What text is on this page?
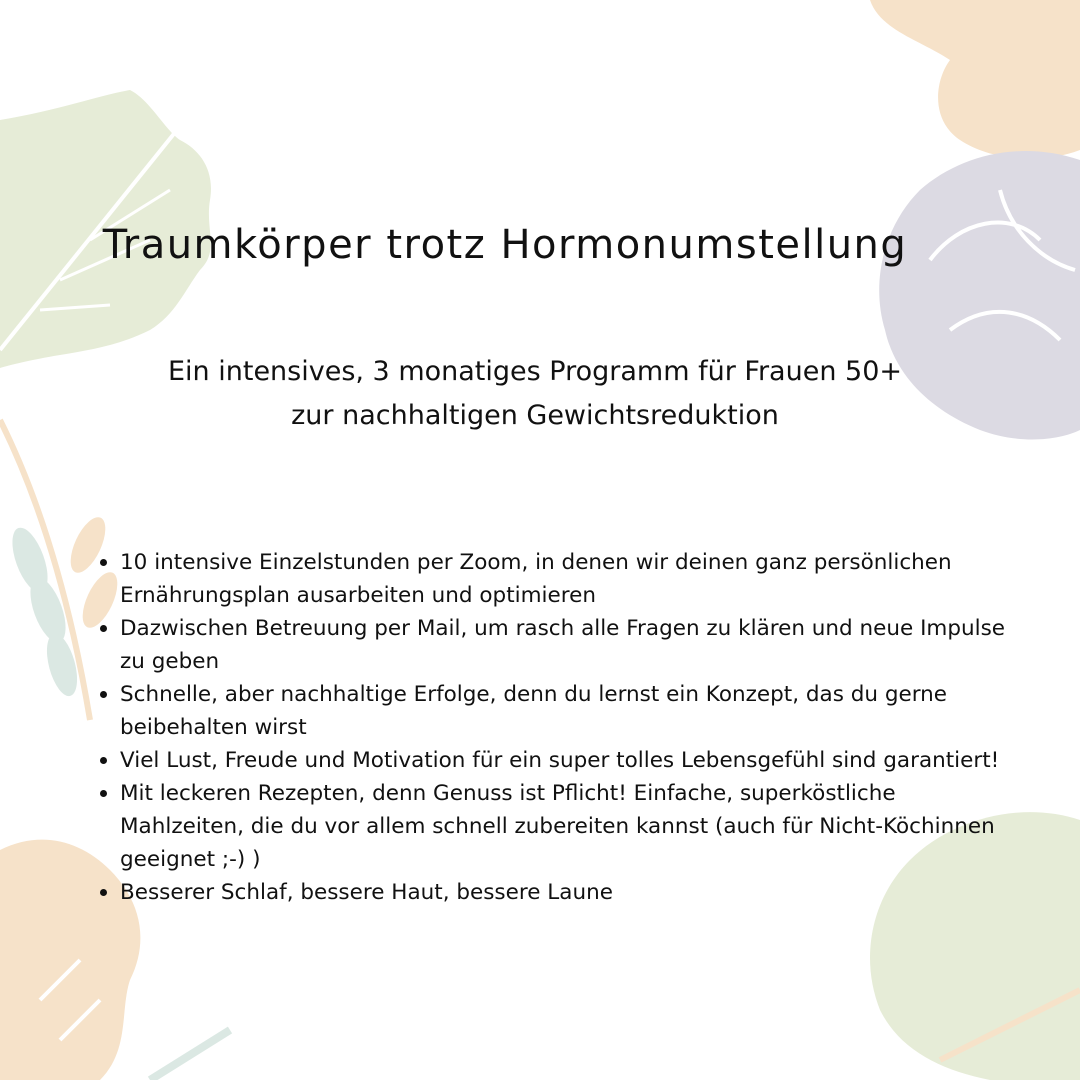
Traumkörper trotz Hormonumstellung

Ein intensives, 3 monatiges Programm für Frauen 50+
zur nachhaltigen Gewichtsreduktion

10 intensive Einzelstunden per Zoom, in denen wir deinen ganz persönlichen Ernährungsplan ausarbeiten und optimieren
Dazwischen Betreuung per Mail, um rasch alle Fragen zu klären und neue Impulse zu geben
Schnelle, aber nachhaltige Erfolge, denn du lernst ein Konzept, das du gerne beibehalten wirst
Viel Lust, Freude und Motivation für ein super tolles Lebensgefühl sind garantiert!
Mit leckeren Rezepten, denn Genuss ist Pflicht! Einfache, superköstliche Mahlzeiten, die du vor allem schnell zubereiten kannst (auch für Nicht-Köchinnen geeignet ;-) )
Besserer Schlaf, bessere Haut, bessere Laune
